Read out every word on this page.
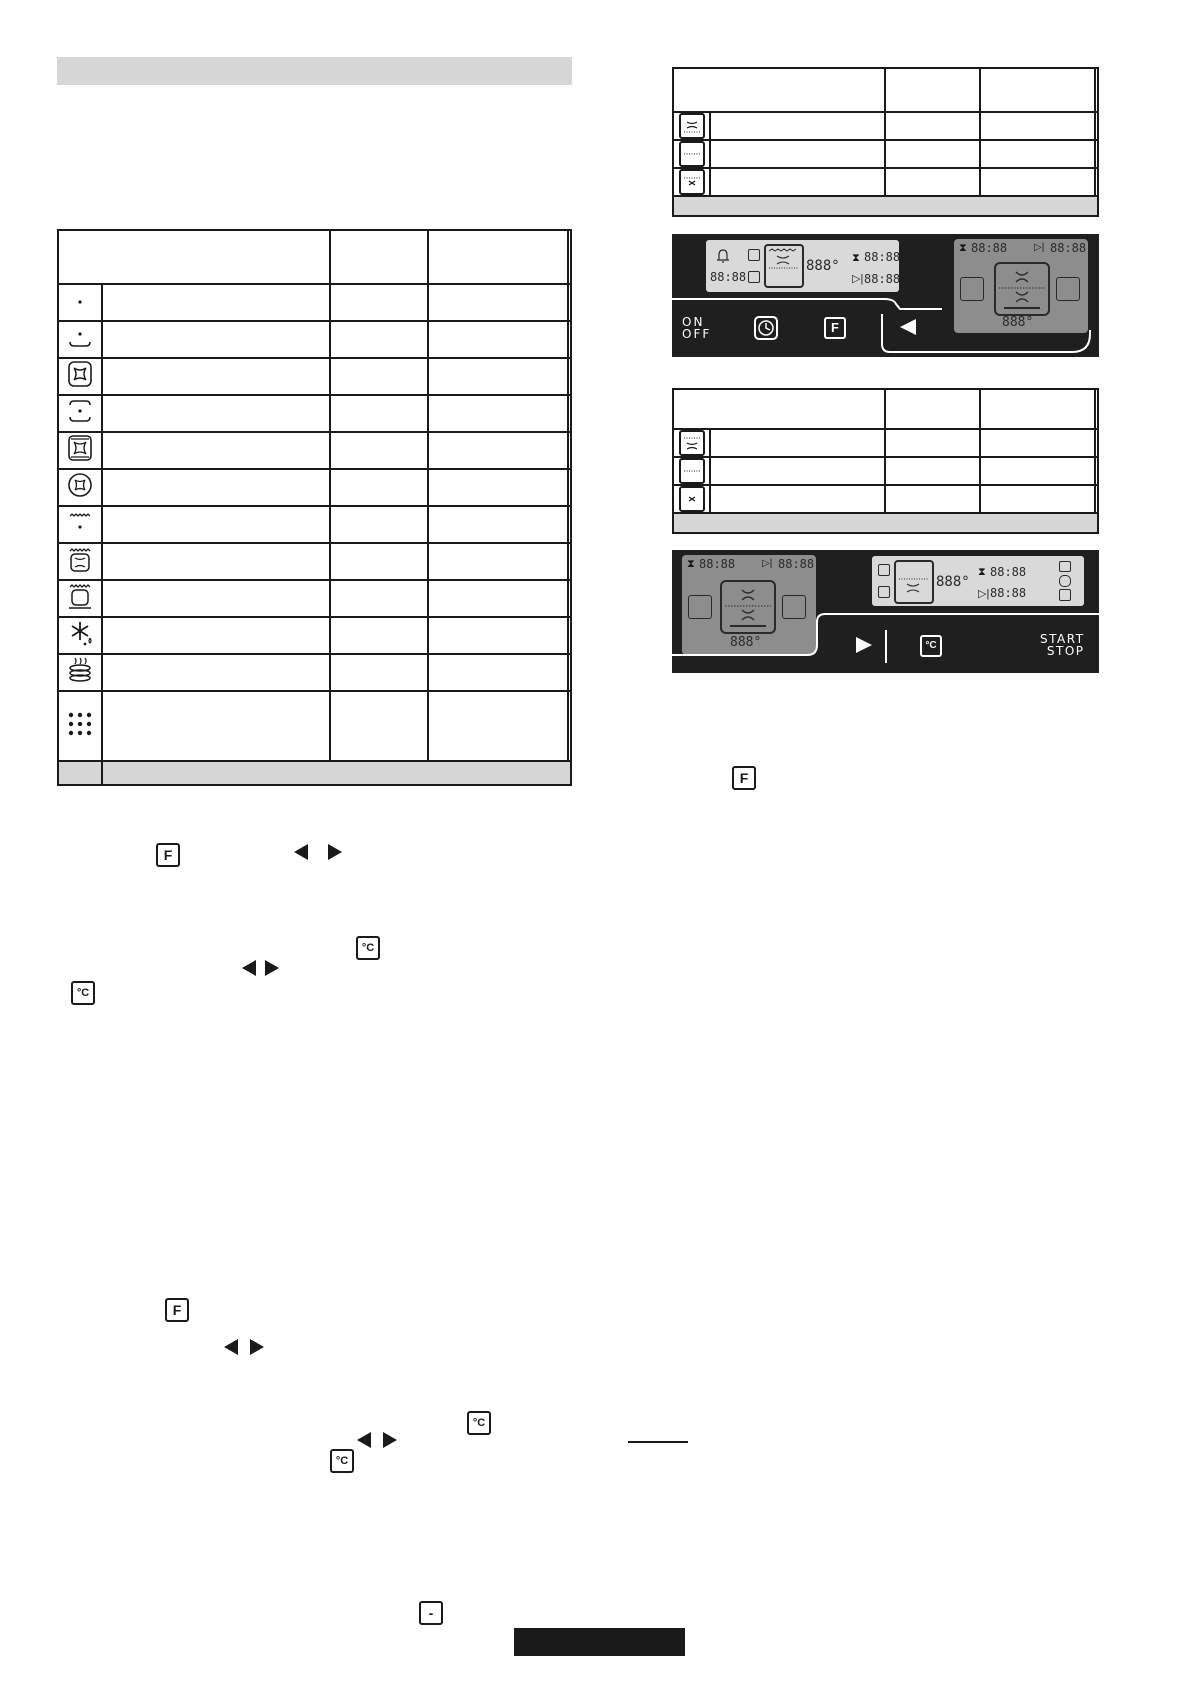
F
°C
°C
F
°C
°C
-

88:88
888° ⧗ 88:88
▷| 88:88
⧗ 88:88	▷| 88:88
888°
ON
OFF	F

⧗ 88:88	▷| 88:88
888°
888°
⧗ 88:88
▷| 88:88
°C	START
STOP
F
